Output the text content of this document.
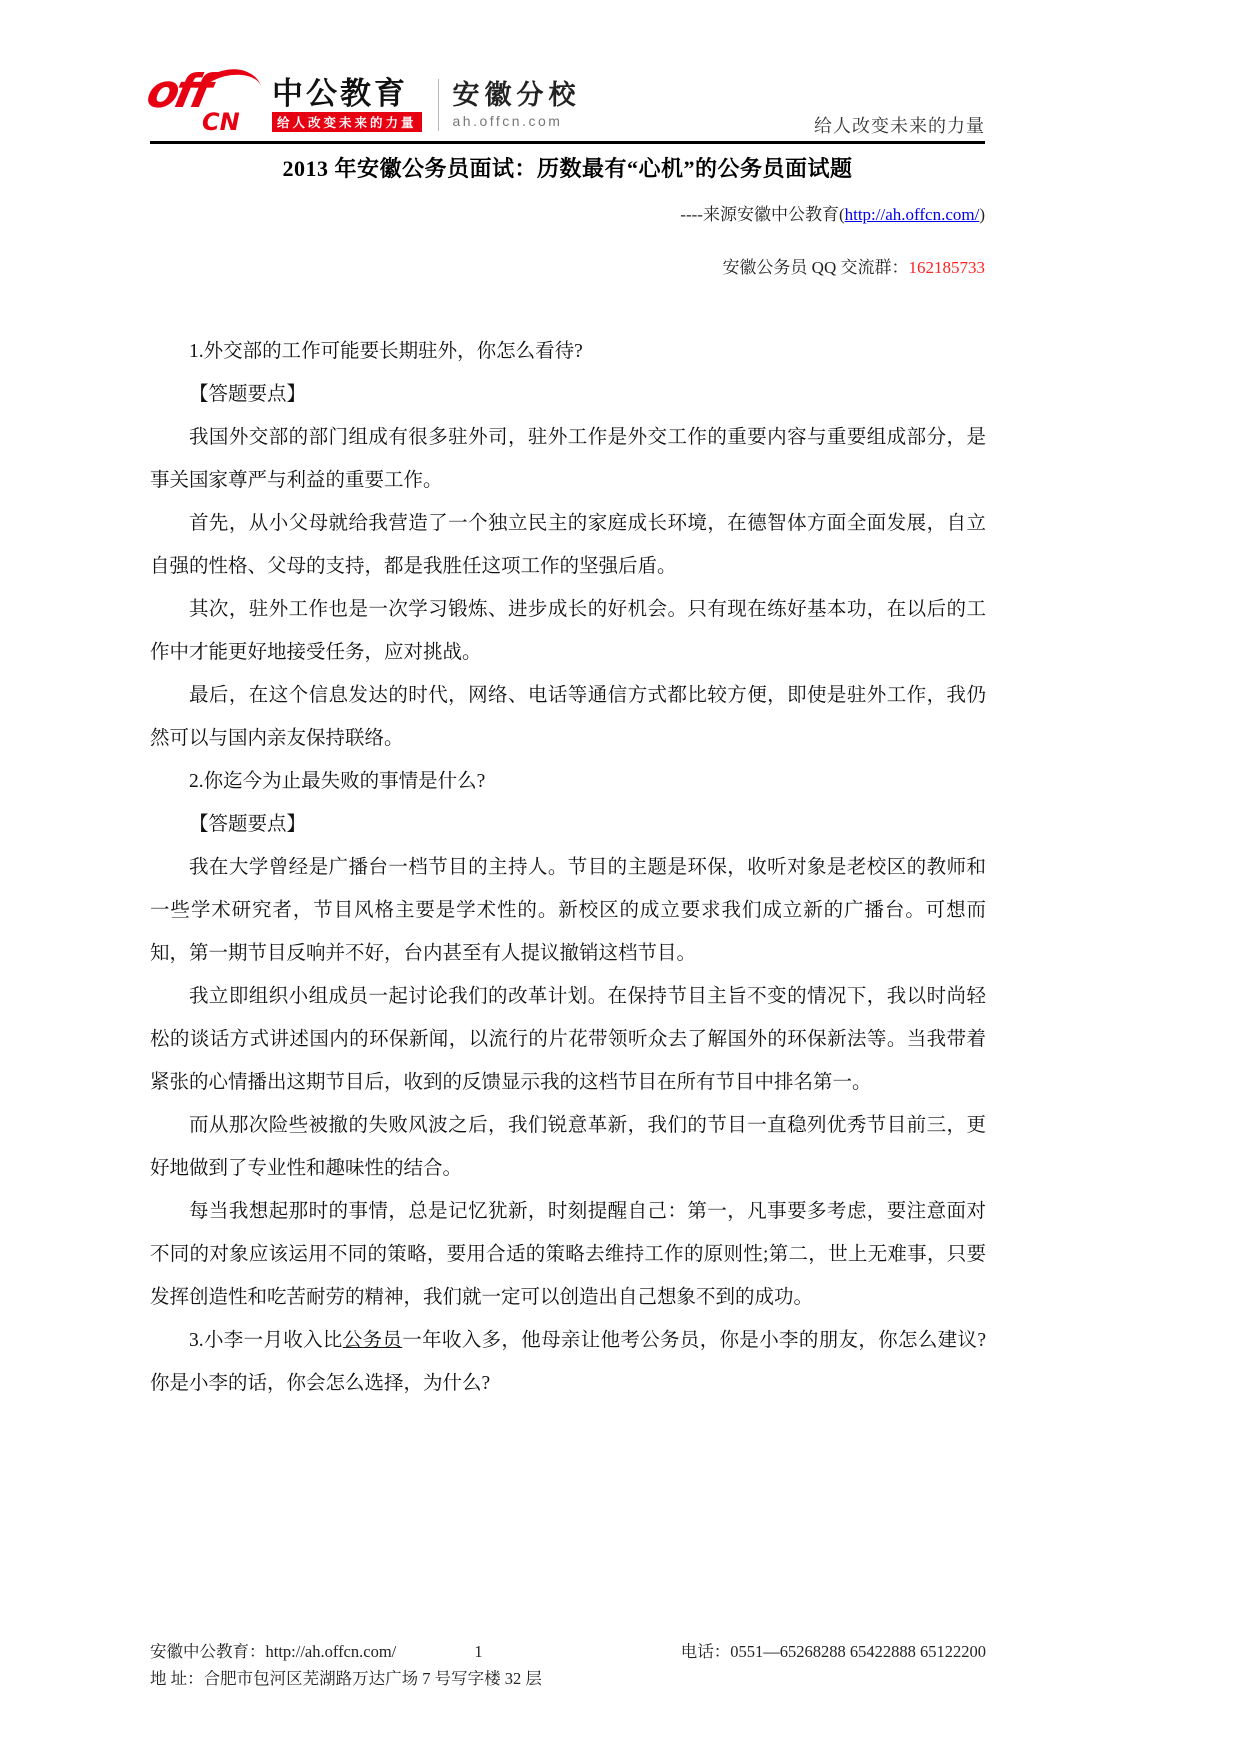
off
CN
中公教育
给人改变未来的力量
安徽分校
ah.offcn.com	给人改变未来的力量
2013 年安徽公务员面试：历数最有“心机”的公务员面试题
----来源安徽中公教育(http://ah.offcn.com/)
安徽公务员 QQ 交流群：162185733

1.外交部的工作可能要长期驻外，你怎么看待?

【答题要点】

我国外交部的部门组成有很多驻外司，驻外工作是外交工作的重要内容与重要组成部分，是事关国家尊严与利益的重要工作。

首先，从小父母就给我营造了一个独立民主的家庭成长环境，在德智体方面全面发展，自立自强的性格、父母的支持，都是我胜任这项工作的坚强后盾。

其次，驻外工作也是一次学习锻炼、进步成长的好机会。只有现在练好基本功，在以后的工作中才能更好地接受任务，应对挑战。

最后，在这个信息发达的时代，网络、电话等通信方式都比较方便，即使是驻外工作，我仍然可以与国内亲友保持联络。

2.你迄今为止最失败的事情是什么?

【答题要点】

我在大学曾经是广播台一档节目的主持人。节目的主题是环保，收听对象是老校区的教师和一些学术研究者，节目风格主要是学术性的。新校区的成立要求我们成立新的广播台。可想而知，第一期节目反响并不好，台内甚至有人提议撤销这档节目。

我立即组织小组成员一起讨论我们的改革计划。在保持节目主旨不变的情况下，我以时尚轻松的谈话方式讲述国内的环保新闻，以流行的片花带领听众去了解国外的环保新法等。当我带着紧张的心情播出这期节目后，收到的反馈显示我的这档节目在所有节目中排名第一。

而从那次险些被撤的失败风波之后，我们锐意革新，我们的节目一直稳列优秀节目前三，更好地做到了专业性和趣味性的结合。

每当我想起那时的事情，总是记忆犹新，时刻提醒自己：第一，凡事要多考虑，要注意面对不同的对象应该运用不同的策略，要用合适的策略去维持工作的原则性;第二，世上无难事，只要发挥创造性和吃苦耐劳的精神，我们就一定可以创造出自己想象不到的成功。

3.小李一月收入比公务员一年收入多，他母亲让他考公务员，你是小李的朋友，你怎么建议?你是小李的话，你会怎么选择，为什么?

安徽中公教育：http://ah.offcn.com/	1	电话：0551—65268288 65422888 65122200
地 址：合肥市包河区芜湖路万达广场 7 号写字楼 32 层
